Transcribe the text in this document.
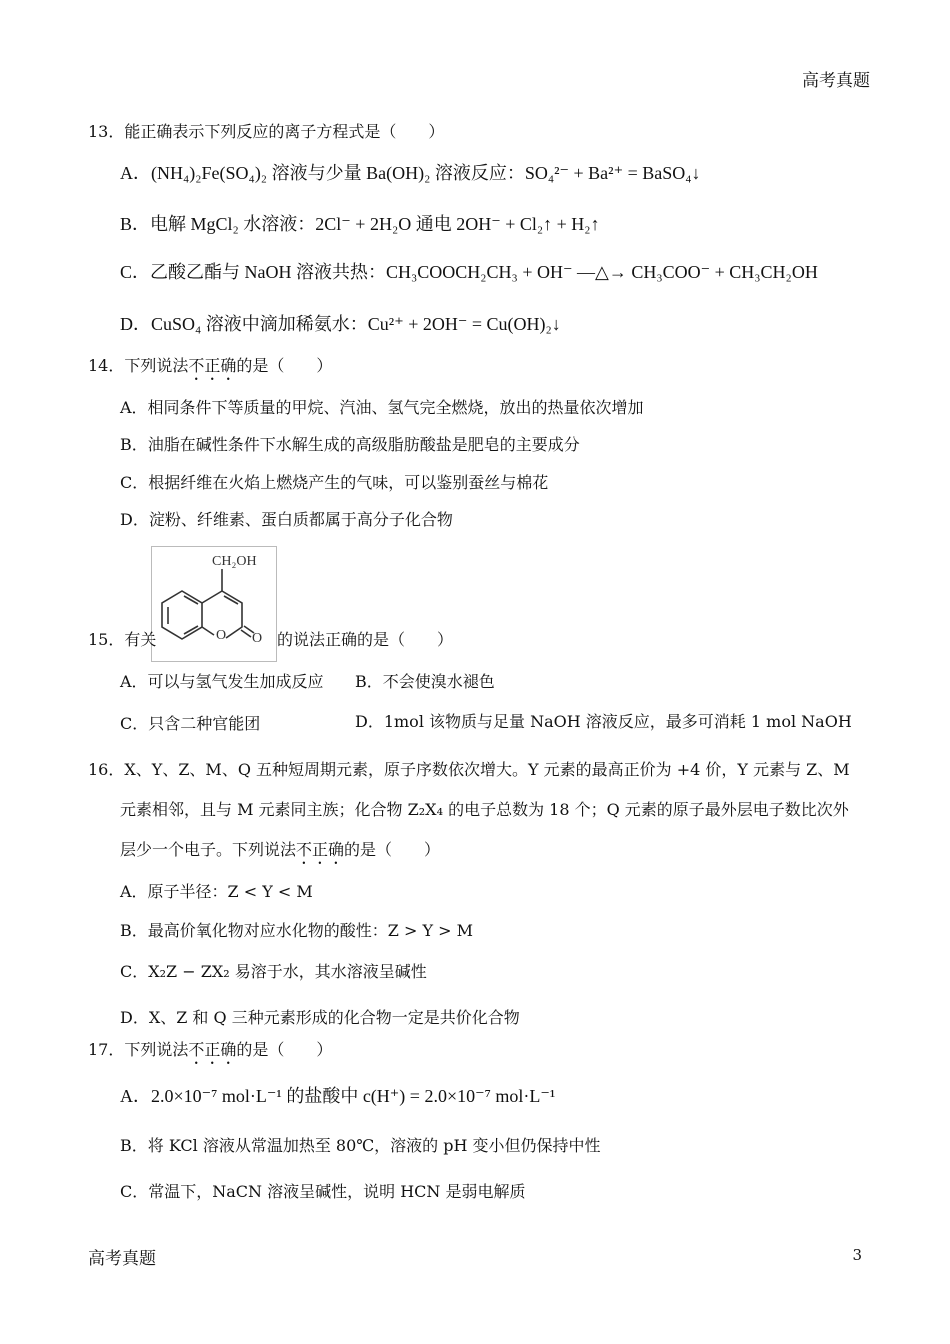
高考真题
13．能正确表示下列反应的离子方程式是（　　）
A．(NH₄)₂Fe(SO₄)₂ 溶液与少量 Ba(OH)₂ 溶液反应：SO₄²⁻ + Ba²⁺ = BaSO₄↓
B．电解 MgCl₂ 水溶液：2Cl⁻ + 2H₂O 通电 2OH⁻ + Cl₂↑ + H₂↑
C．乙酸乙酯与 NaOH 溶液共热：CH₃COOCH₂CH₃ + OH⁻ —△→ CH₃COO⁻ + CH₃CH₂OH
D．CuSO₄ 溶液中滴加稀氨水：Cu²⁺ + 2OH⁻ = Cu(OH)₂↓
14．下列说法不正确的是（　　）
A．相同条件下等质量的甲烷、汽油、氢气完全燃烧，放出的热量依次增加
B．油脂在碱性条件下水解生成的高级脂肪酸盐是肥皂的主要成分
C．根据纤维在火焰上燃烧产生的气味，可以鉴别蚕丝与棉花
D．淀粉、纤维素、蛋白质都属于高分子化合物
O O
CH₂OH
15．有关	的说法正确的是（　　）
A．可以与氢气发生加成反应 B．不会使溴水褪色
C．只含二种官能团	D．1mol 该物质与足量 NaOH 溶液反应，最多可消耗 1 mol NaOH
16．X、Y、Z、M、Q 五种短周期元素，原子序数依次增大。Y 元素的最高正价为 +4 价，Y 元素与 Z、M
元素相邻，且与 M 元素同主族；化合物 Z₂X₄ 的电子总数为 18 个；Q 元素的原子最外层电子数比次外
层少一个电子。下列说法不正确的是（　　）
A．原子半径：Z < Y < M
B．最高价氧化物对应水化物的酸性：Z > Y > M
C．X₂Z − ZX₂ 易溶于水，其水溶液呈碱性
D．X、Z 和 Q 三种元素形成的化合物一定是共价化合物
17．下列说法不正确的是（　　）
A．2.0×10⁻⁷ mol·L⁻¹ 的盐酸中 c(H⁺) = 2.0×10⁻⁷ mol·L⁻¹
B．将 KCl 溶液从常温加热至 80℃，溶液的 pH 变小但仍保持中性
C．常温下，NaCN 溶液呈碱性，说明 HCN 是弱电解质
高考真题	3
